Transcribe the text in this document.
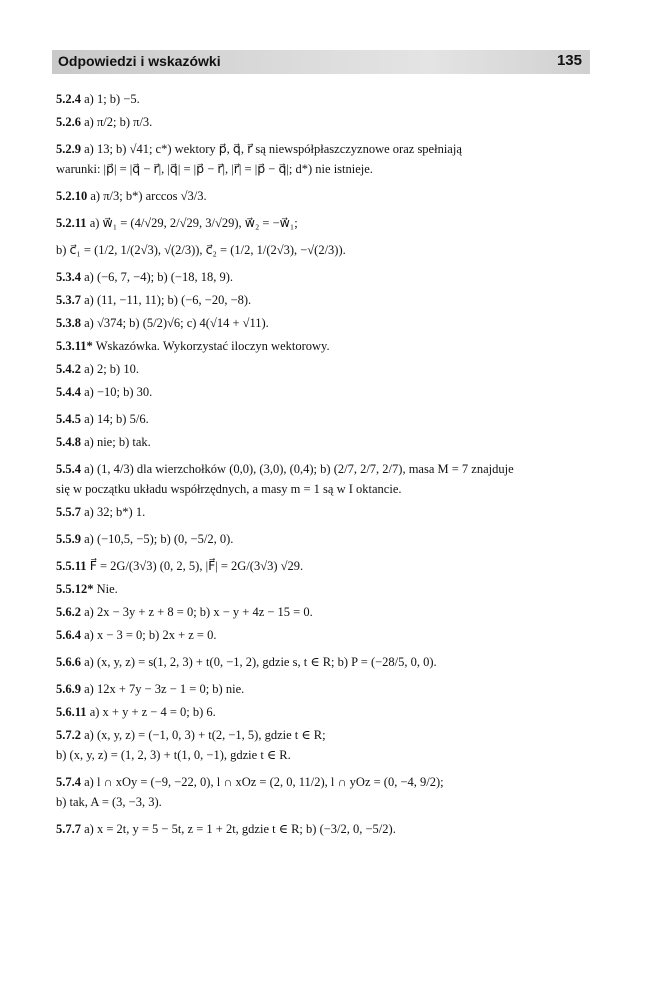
Odpowiedzi i wskazówki	135

5.2.4 a) 1; b) −5.

5.2.6 a) π/2; b) π/3.

5.2.9 a) 13; b) √41; c*) wektory p⃗, q⃗, r⃗ są niewspółpłaszczyznowe oraz spełniają

warunki: |p⃗| = |q⃗ − r⃗|, |q⃗| = |p⃗ − r⃗|, |r⃗| = |p⃗ − q⃗|; d*) nie istnieje.

5.2.10 a) π/3; b*) arccos √3/3.

5.2.11 a) w⃗₁ = (4/√29, 2/√29, 3/√29), w⃗₂ = −w⃗₁;

b) c⃗₁ = (1/2, 1/(2√3), √(2/3)), c⃗₂ = (1/2, 1/(2√3), −√(2/3)).

5.3.4 a) (−6, 7, −4); b) (−18, 18, 9).

5.3.7 a) (11, −11, 11); b) (−6, −20, −8).

5.3.8 a) √374; b) (5/2)√6; c) 4(√14 + √11).

5.3.11* Wskazówka. Wykorzystać iloczyn wektorowy.

5.4.2 a) 2; b) 10.

5.4.4 a) −10; b) 30.

5.4.5 a) 14; b) 5/6.

5.4.8 a) nie; b) tak.

5.5.4 a) (1, 4/3) dla wierzchołków (0,0), (3,0), (0,4); b) (2/7, 2/7, 2/7), masa M = 7 znajduje

się w początku układu współrzędnych, a masy m = 1 są w I oktancie.

5.5.7 a) 32; b*) 1.

5.5.9 a) (−10,5, −5); b) (0, −5/2, 0).

5.5.11 F⃗ = 2G/(3√3) (0, 2, 5), |F⃗| = 2G/(3√3) √29.

5.5.12* Nie.

5.6.2 a) 2x − 3y + z + 8 = 0; b) x − y + 4z − 15 = 0.

5.6.4 a) x − 3 = 0; b) 2x + z = 0.

5.6.6 a) (x, y, z) = s(1, 2, 3) + t(0, −1, 2), gdzie s, t ∈ R; b) P = (−28/5, 0, 0).

5.6.9 a) 12x + 7y − 3z − 1 = 0; b) nie.

5.6.11 a) x + y + z − 4 = 0; b) 6.

5.7.2 a) (x, y, z) = (−1, 0, 3) + t(2, −1, 5), gdzie t ∈ R;

b) (x, y, z) = (1, 2, 3) + t(1, 0, −1), gdzie t ∈ R.

5.7.4 a) l ∩ xOy = (−9, −22, 0), l ∩ xOz = (2, 0, 11/2), l ∩ yOz = (0, −4, 9/2);

b) tak, A = (3, −3, 3).

5.7.7 a) x = 2t, y = 5 − 5t, z = 1 + 2t, gdzie t ∈ R; b) (−3/2, 0, −5/2).
